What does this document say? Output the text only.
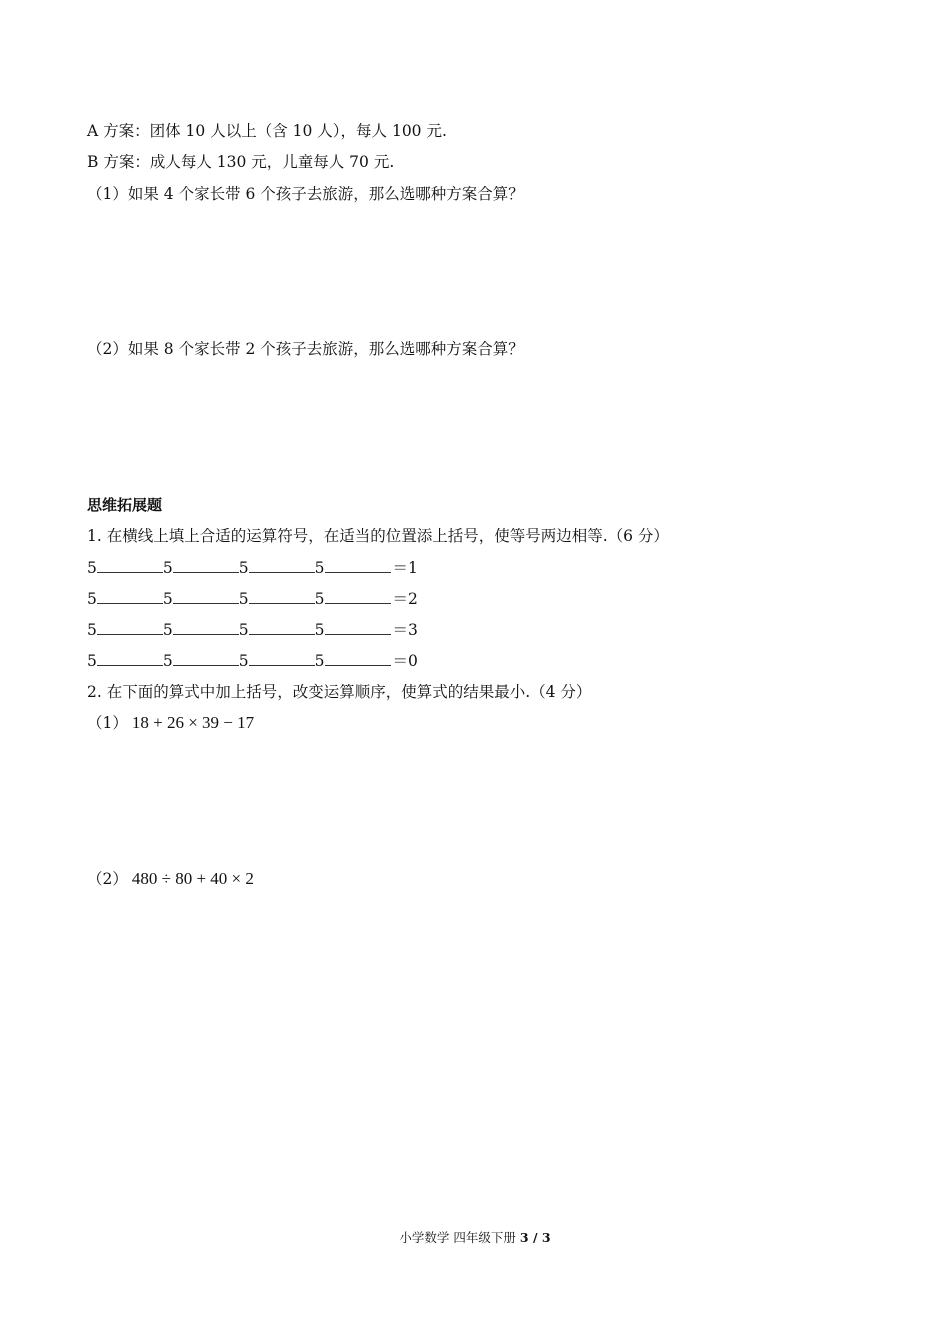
A 方案：团体 10 人以上（含 10 人），每人 100 元.
B 方案：成人每人 130 元，儿童每人 70 元.
（1）如果 4 个家长带 6 个孩子去旅游，那么选哪种方案合算？
（2）如果 8 个家长带 2 个孩子去旅游，那么选哪种方案合算？
思维拓展题
1. 在横线上填上合适的运算符号，在适当的位置添上括号，使等号两边相等.（6 分）
5	5	5	5	＝1
5	5	5	5	＝2
5	5	5	5	＝3
5	5	5	5	＝0
2. 在下面的算式中加上括号，改变运算顺序，使算式的结果最小.（4 分）
（1） 18 + 26 × 39 − 17
（2） 480 ÷ 80 + 40 × 2
小学数学 四年级下册 3 / 3
